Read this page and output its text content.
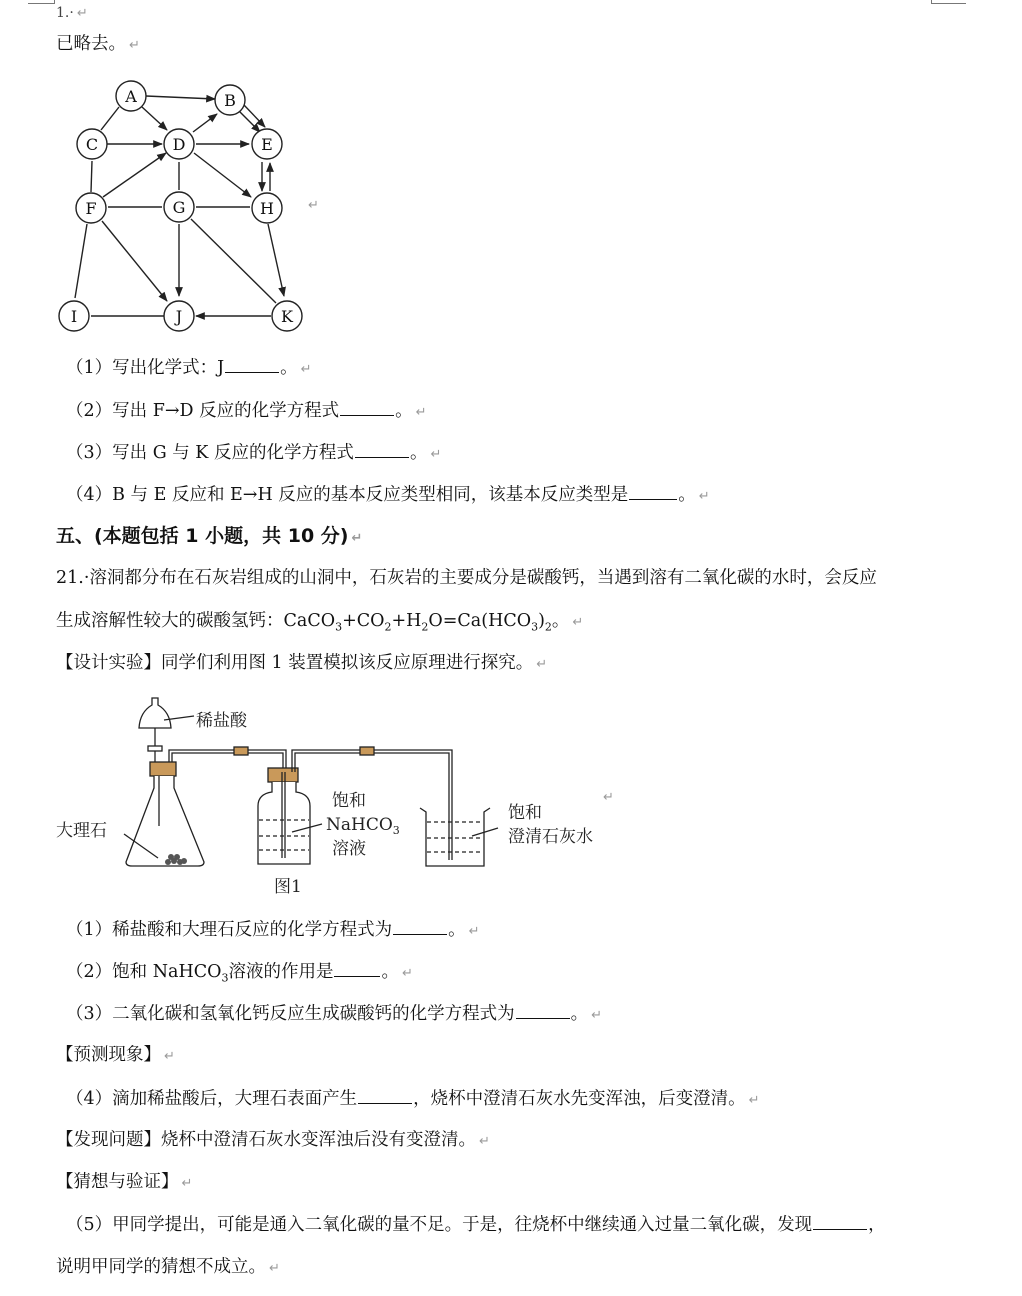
1.· ↵
已略去。 ↵
A	B
C	D	E
F	G	H
I	J	K
↵
（1）写出化学式：J	。 ↵
（2）写出 F→D 反应的化学方程式	。 ↵
（3）写出 G 与 K 反应的化学方程式	。 ↵
（4）B 与 E 反应和 E→H 反应的基本反应类型相同，该基本反应类型是	。 ↵
五、(本题包括 1 小题，共 10 分) ↵
21.·溶洞都分布在石灰岩组成的山洞中，石灰岩的主要成分是碳酸钙，当遇到溶有二氧化碳的水时，会反应
生成溶解性较大的碳酸氢钙：$CaCO_3+CO_2+H_2O=Ca(HCO_3)_2$。 ↵
【设计实验】同学们利用图 1 装置模拟该反应原理进行探究。 ↵
稀盐酸
大理石
饱和
NaHCO$_3$
溶液
饱和
澄清石灰水
图1
↵
（1）稀盐酸和大理石反应的化学方程式为	。 ↵
（2）饱和 NaHCO$_3$溶液的作用是	。 ↵
（3）二氧化碳和氢氧化钙反应生成碳酸钙的化学方程式为	。 ↵
【预测现象】 ↵
（4）滴加稀盐酸后，大理石表面产生	，烧杯中澄清石灰水先变浑浊，后变澄清。 ↵
【发现问题】烧杯中澄清石灰水变浑浊后没有变澄清。 ↵
【猜想与验证】 ↵
（5）甲同学提出，可能是通入二氧化碳的量不足。于是，往烧杯中继续通入过量二氧化碳，发现	，
说明甲同学的猜想不成立。 ↵
